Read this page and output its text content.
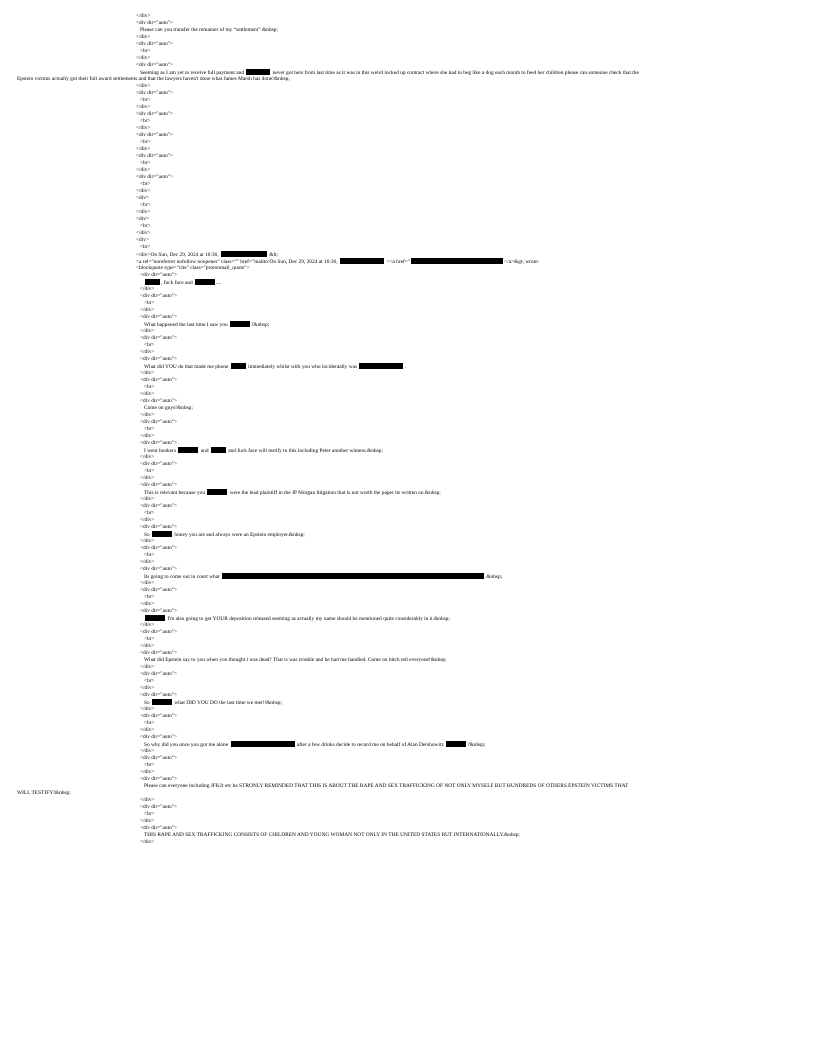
</div>
<div dir="auto">
Please can you transfer the remainer of my “settlement”.&nbsp;
</div>
<div dir="auto">
<br>
</div>
<div dir="auto">
Seeming as I am yet to receive full payment and	never got hers from last time as it was in this weird locked up contract where she had to beg like a dog each month to feed her children please can someone check that the
Epstein victims actually got their full award settlements and that the lawyers haven't done what James Marsh has done!&nbsp;
</div>
<div dir="auto">
<br>
</div>
<div dir="auto">
<br>
</div>
<div dir="auto">
<br>
</div>
<div dir="auto">
<br>
</div>
<div dir="auto">
<br>
</div>
<div>
<br>
</div>
<div>
<br>
</div>
<div>
<br>
</div>On Sun, Dec 29, 2024 at 16:36,	&lt;
<a rel="noreferrer nofollow noopener" class="" href="mailto:On Sun, Dec 29, 2024 at 16:36,	<<a href="	</a>&gt; wrote:
<blockquote type="cite" class="protonmail_quote">
<div dir="auto">
, fuck face and	....
</div>
<div dir="auto">
<br>
</div>
<div dir="auto">
What happened the last time I saw you	?&nbsp;
</div>
<div dir="auto">
<br>
</div>
<div dir="auto">
What did YOU do that made me phone	immediately whilst with you who incidentally was	.
</div>
<div dir="auto">
<br>
</div>
<div dir="auto">
Come on guys!&nbsp;
</div>
<div dir="auto">
<br>
</div>
<div dir="auto">
I went bonkers	and	and fuck face will testify to this including Peter another witness.&nbsp;
</div>
<div dir="auto">
<br>
</div>
<div dir="auto">
This is relevant because you	were the lead plaintiff in the JP Morgan litigation that is not worth the paper its written on.&nbsp;
</div>
<div dir="auto">
<br>
</div>
<div dir="auto">
So	honey you are and always were an Epstein employer.&nbsp;
</div>
<div dir="auto">
<br>
</div>
<div dir="auto">
Its going to come out in court what	.&nbsp;
</div>
<div dir="auto">
<br>
</div>
<div dir="auto">
I'm also going to get YOUR deposition released seeming as actually my name should be mentioned quite considerably in it.&nbsp;
</div>
<div dir="auto">
<br>
</div>
<div dir="auto">
What did Epstein say to you when you thought i was dead? That is was trouble and he had me handled. Come on bitch tell everyone!&nbsp;
</div>
<div dir="auto">
<br>
</div>
<div dir="auto">
So	what DID YOU DO the last time we met!!&nbsp;
</div>
<div dir="auto">
<br>
</div>
<div dir="auto">
So why did you once you got me alone	after a few drinks decide to record me on behalf of Alan Dershowitz	?&nbsp;
</div>
<div dir="auto">
<br>
</div>
<div dir="auto">
Please can everyone including JFKJr etc be STRONLY REMINDED THAT THIS IS ABOUT THE RAPE AND SEX TRAFFICKING OF NOT ONLY MYSELF BUT HUNDREDS OF OTHERS EPSTEIN VICTIMS THAT
WILL TESTIFY!&nbsp;
</div>
<div dir="auto">
<br>
</div>
<div dir="auto">
THIS RAPE AND SEX TRAFFICKING CONSISTS OF CHILDREN AND YOUNG WOMAN NOT ONLY IN THE UNITED STATES BUT INTERNATIONALLY.&nbsp;
</div>
